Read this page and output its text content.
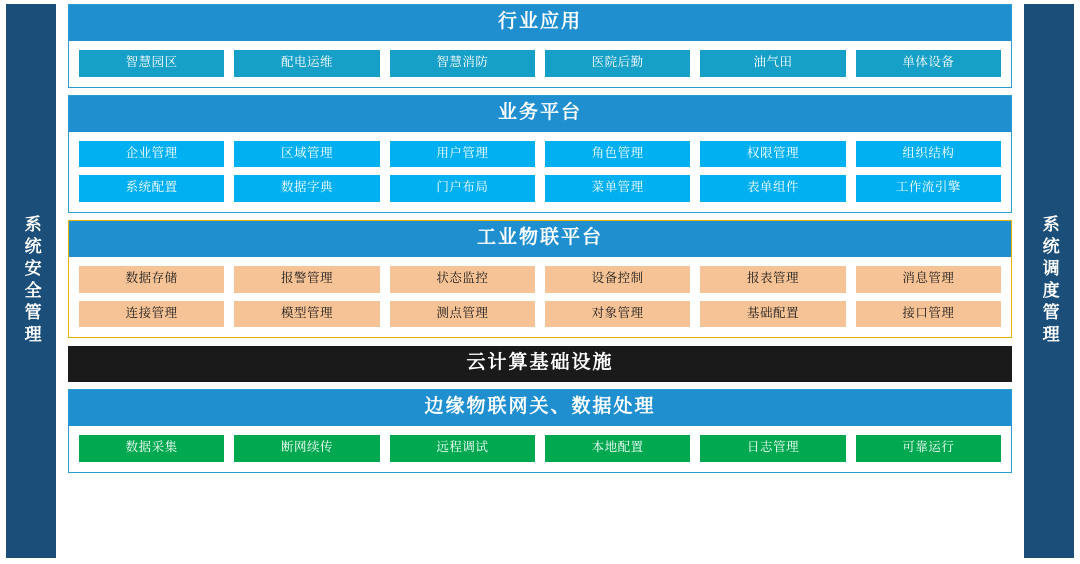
系统安全管理
行业应用
智慧园区	配电运维	智慧消防	医院后勤	油气田	单体设备
业务平台
企业管理	区域管理	用户管理	角色管理	权限管理	组织结构
系统配置	数据字典	门户布局	菜单管理	表单组件	工作流引擎
工业物联平台
数据存储	报警管理	状态监控	设备控制	报表管理	消息管理
连接管理	模型管理	测点管理	对象管理	基础配置	接口管理
云计算基础设施
边缘物联网关、数据处理
数据采集	断网续传	远程调试	本地配置	日志管理	可靠运行
系统调度管理
